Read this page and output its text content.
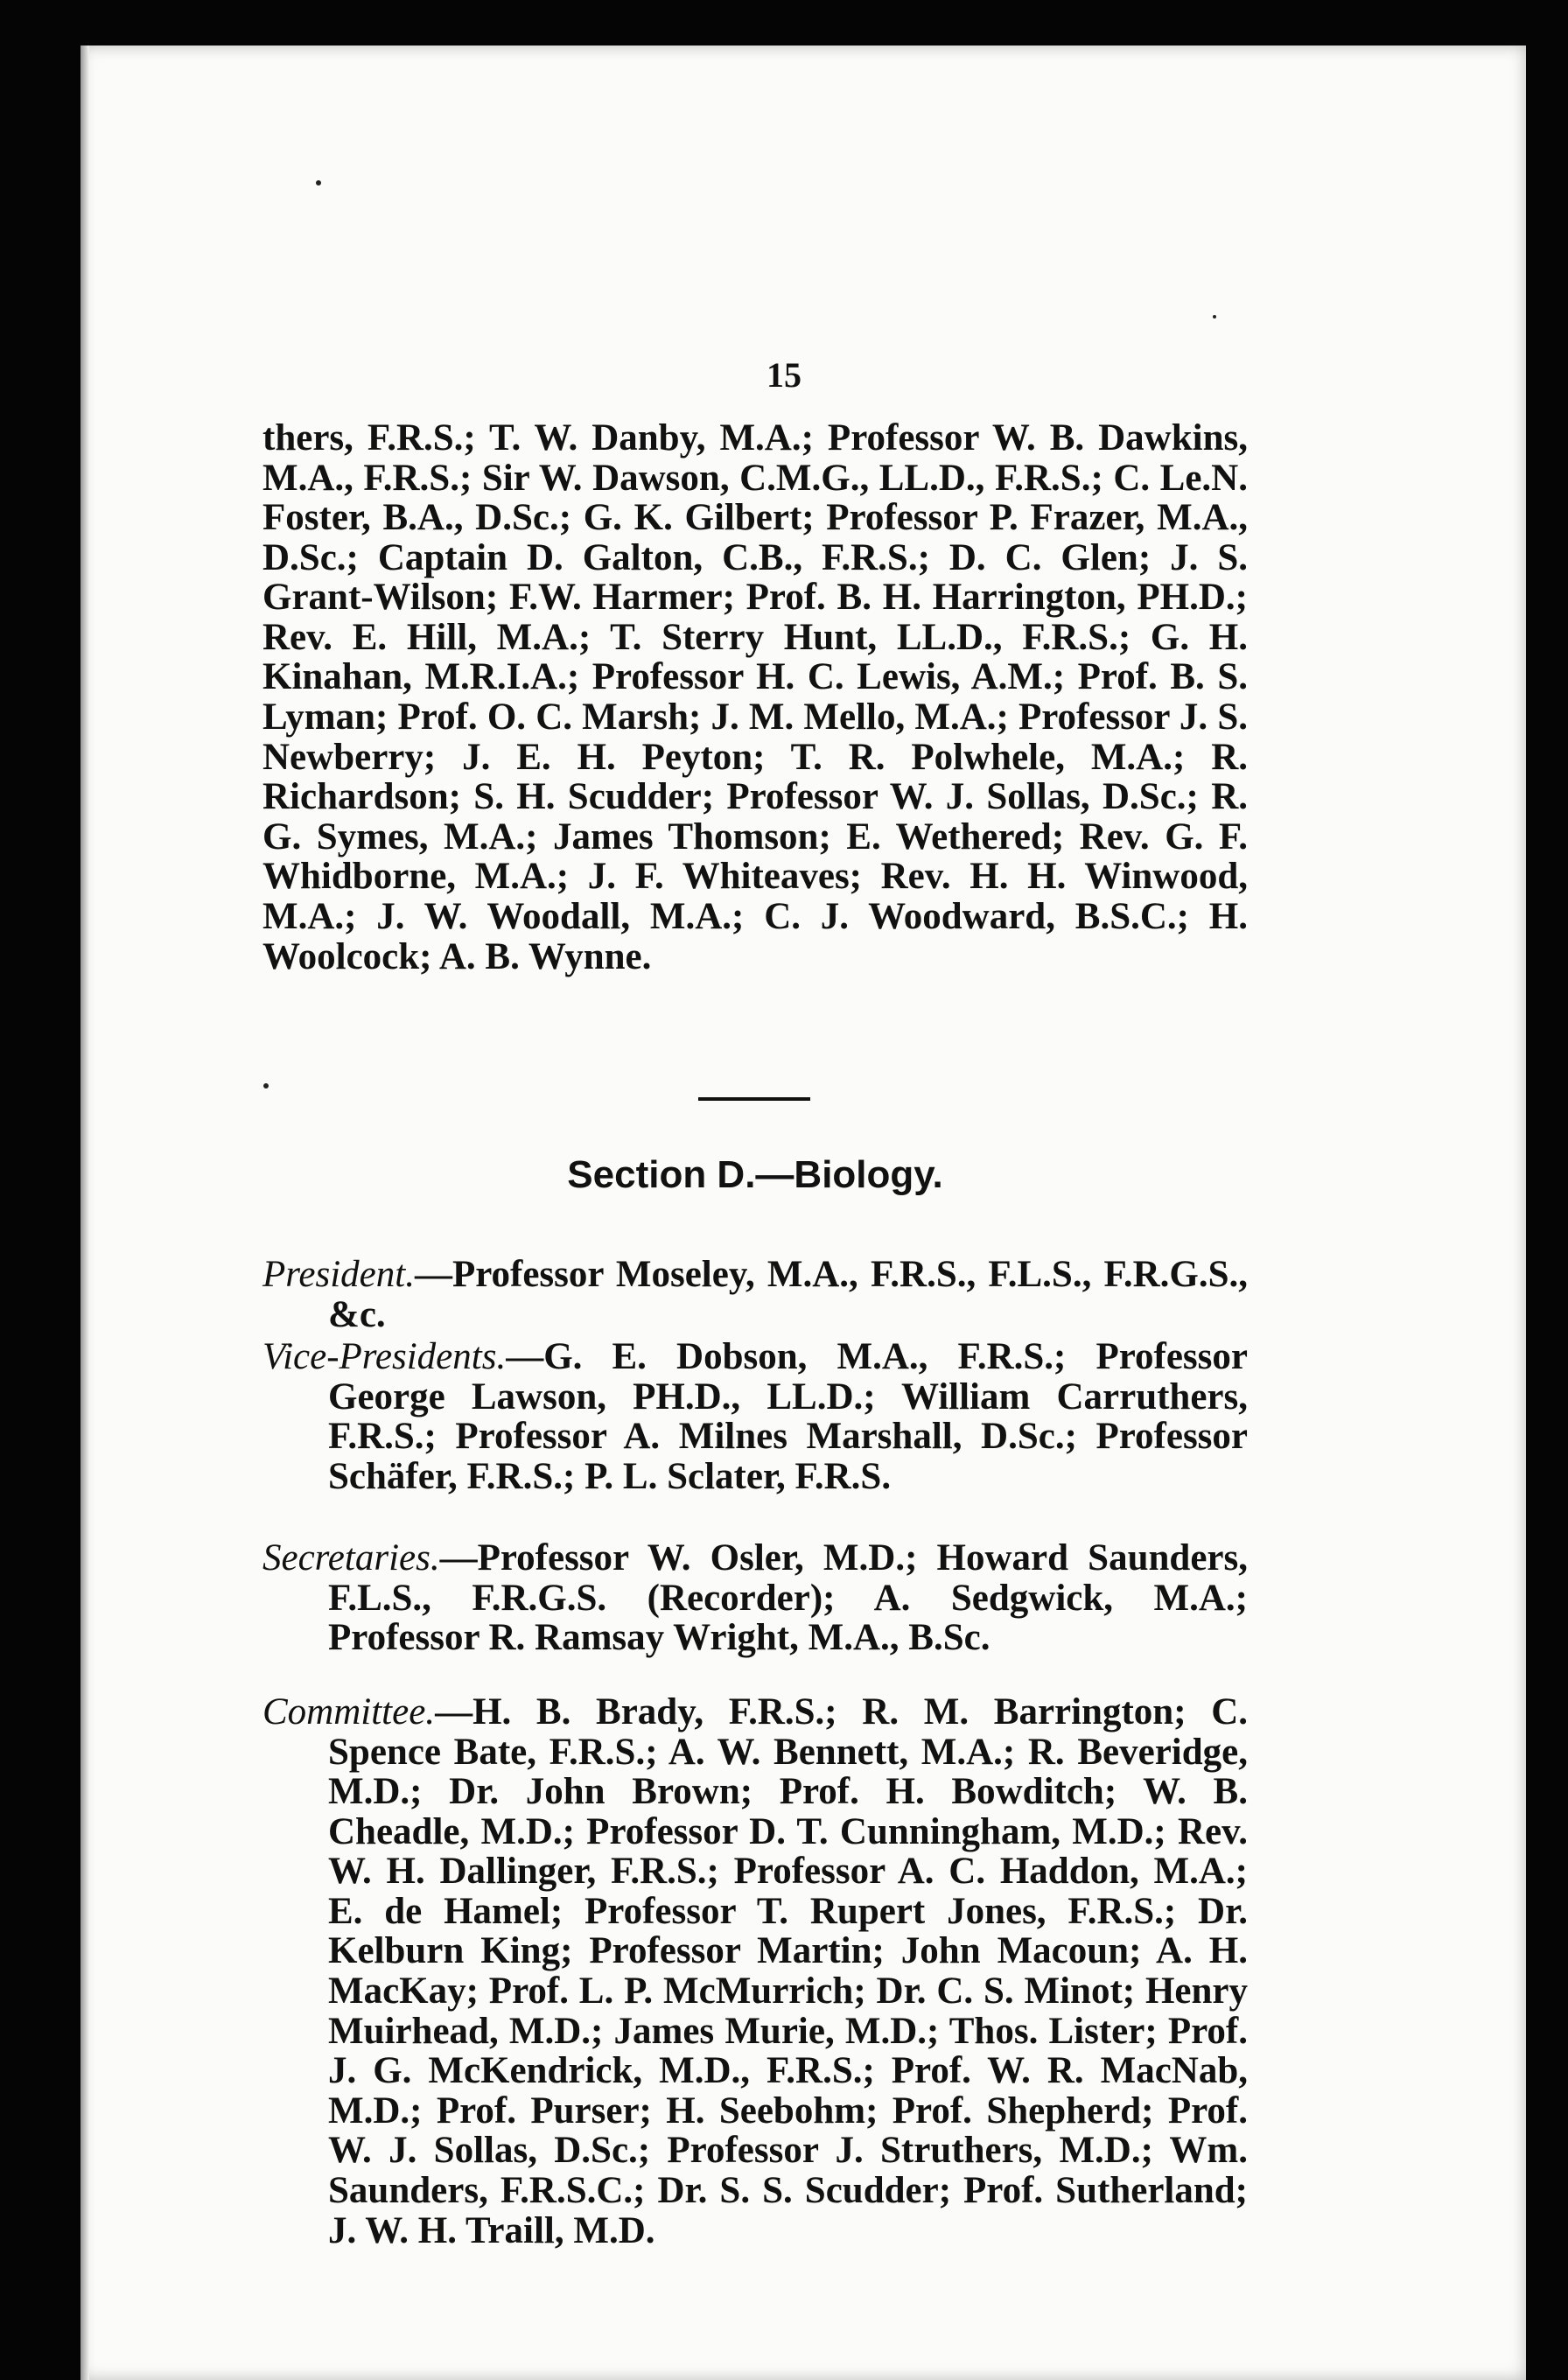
15

thers, F.R.S.; T. W. Danby, M.A.; Professor W. B. Dawkins, M.A., F.R.S.; Sir W. Dawson, C.M.G., LL.D., F.R.S.; C. Le.N. Foster, B.A., D.Sc.; G. K. Gilbert; Professor P. Frazer, M.A., D.Sc.; Captain D. Galton, C.B., F.R.S.; D. C. Glen; J. S. Grant-Wilson; F.W. Harmer; Prof. B. H. Harrington, PH.D.; Rev. E. Hill, M.A.; T. Sterry Hunt, LL.D., F.R.S.; G. H. Kinahan, M.R.I.A.; Professor H. C. Lewis, A.M.; Prof. B. S. Lyman; Prof. O. C. Marsh; J. M. Mello, M.A.; Professor J. S. Newberry; J. E. H. Peyton; T. R. Polwhele, M.A.; R. Richardson; S. H. Scudder; Professor W. J. Sollas, D.Sc.; R. G. Symes, M.A.; James Thomson; E. Wethered; Rev. G. F. Whidborne, M.A.; J. F. Whiteaves; Rev. H. H. Winwood, M.A.; J. W. Woodall, M.A.; C. J. Woodward, B.S.C.; H. Woolcock; A. B. Wynne.

Section D.—Biology.

President.—Professor Moseley, M.A., F.R.S., F.L.S., F.R.G.S., &c.

Vice-Presidents.—G. E. Dobson, M.A., F.R.S.; Professor George Lawson, PH.D., LL.D.; William Carruthers, F.R.S.; Professor A. Milnes Marshall, D.Sc.; Professor Schäfer, F.R.S.; P. L. Sclater, F.R.S.

Secretaries.—Professor W. Osler, M.D.; Howard Saunders, F.L.S., F.R.G.S. (Recorder); A. Sedgwick, M.A.; Professor R. Ramsay Wright, M.A., B.Sc.

Committee.—H. B. Brady, F.R.S.; R. M. Barrington; C. Spence Bate, F.R.S.; A. W. Bennett, M.A.; R. Beveridge, M.D.; Dr. John Brown; Prof. H. Bowditch; W. B. Cheadle, M.D.; Professor D. T. Cunningham, M.D.; Rev. W. H. Dallinger, F.R.S.; Professor A. C. Haddon, M.A.; E. de Hamel; Professor T. Rupert Jones, F.R.S.; Dr. Kelburn King; Professor Martin; John Macoun; A. H. MacKay; Prof. L. P. McMurrich; Dr. C. S. Minot; Henry Muirhead, M.D.; James Murie, M.D.; Thos. Lister; Prof. J. G. McKendrick, M.D., F.R.S.; Prof. W. R. MacNab, M.D.; Prof. Purser; H. Seebohm; Prof. Shepherd; Prof. W. J. Sollas, D.Sc.; Professor J. Struthers, M.D.; Wm. Saunders, F.R.S.C.; Dr. S. S. Scudder; Prof. Sutherland; J. W. H. Traill, M.D.
